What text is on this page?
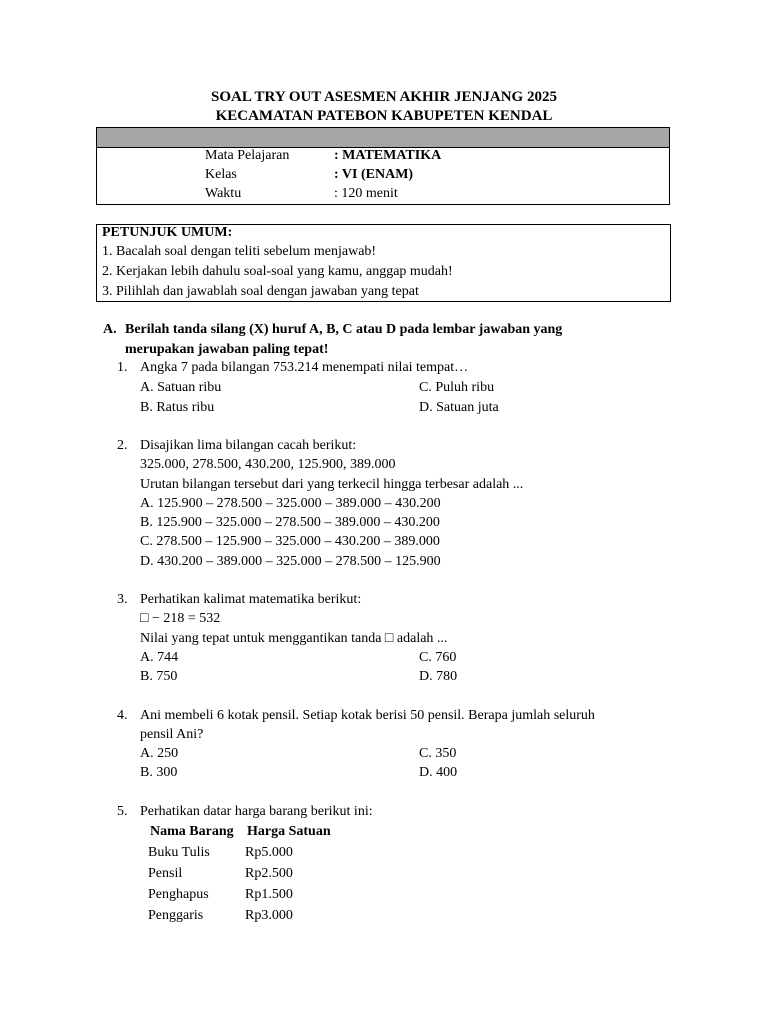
SOAL TRY OUT ASESMEN AKHIR JENJANG 2025
KECAMATAN PATEBON KABUPETEN KENDAL
Mata Pelajaran	: MATEMATIKA
Kelas	: VI (ENAM)
Waktu	: 120 menit
PETUNJUK UMUM:
1. Bacalah soal dengan teliti sebelum menjawab!
2. Kerjakan lebih dahulu soal-soal yang kamu, anggap mudah!
3. Pilihlah dan jawablah soal dengan jawaban yang tepat
A. Berilah tanda silang (X) huruf A, B, C atau D pada lembar jawaban yang
merupakan jawaban paling tepat!
1. Angka 7 pada bilangan 753.214 menempati nilai tempat…
A. Satuan ribu
B. Ratus ribu
C. Puluh ribu
D. Satuan juta
2. Disajikan lima bilangan cacah berikut:
325.000, 278.500, 430.200, 125.900, 389.000
Urutan bilangan tersebut dari yang terkecil hingga terbesar adalah ...
A. 125.900 – 278.500 – 325.000 – 389.000 – 430.200
B. 125.900 – 325.000 – 278.500 – 389.000 – 430.200
C. 278.500 – 125.900 – 325.000 – 430.200 – 389.000
D. 430.200 – 389.000 – 325.000 – 278.500 – 125.900
3. Perhatikan kalimat matematika berikut:
□ − 218 = 532
Nilai yang tepat untuk menggantikan tanda □ adalah ...
A. 744
B. 750
C. 760
D. 780
4. Ani membeli 6 kotak pensil. Setiap kotak berisi 50 pensil. Berapa jumlah seluruh
pensil Ani?
A. 250
B. 300
C. 350
D. 400
5. Perhatikan datar harga barang berikut ini:
Nama Barang Harga Satuan
Buku Tulis	Rp5.000
Pensil	Rp2.500
Penghapus	Rp1.500
Penggaris	Rp3.000
